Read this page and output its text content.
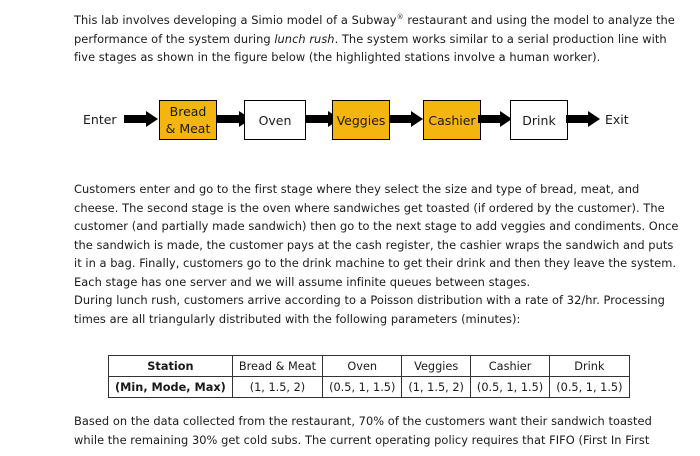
This lab involves developing a Simio model of a Subway® restaurant and using the model to analyze the
performance of the system during lunch rush. The system works similar to a serial production line with
five stages as shown in the figure below (the highlighted stations involve a human worker).
Enter
Bread
& Meat
Oven	Veggies	Cashier	Drink	Exit
Customers enter and go to the first stage where they select the size and type of bread, meat, and
cheese. The second stage is the oven where sandwiches get toasted (if ordered by the customer). The
customer (and partially made sandwich) then go to the next stage to add veggies and condiments. Once
the sandwich is made, the customer pays at the cash register, the cashier wraps the sandwich and puts
it in a bag. Finally, customers go to the drink machine to get their drink and then they leave the system.
Each stage has one server and we will assume infinite queues between stages.
During lunch rush, customers arrive according to a Poisson distribution with a rate of 32/hr. Processing
times are all triangularly distributed with the following parameters (minutes):
Station	Bread & Meat	Oven	Veggies	Cashier	Drink
(Min, Mode, Max)	(1, 1.5, 2)	(0.5, 1, 1.5)	(1, 1.5, 2)	(0.5, 1, 1.5)	(0.5, 1, 1.5)
Based on the data collected from the restaurant, 70% of the customers want their sandwich toasted
while the remaining 30% get cold subs. The current operating policy requires that FIFO (First In First
